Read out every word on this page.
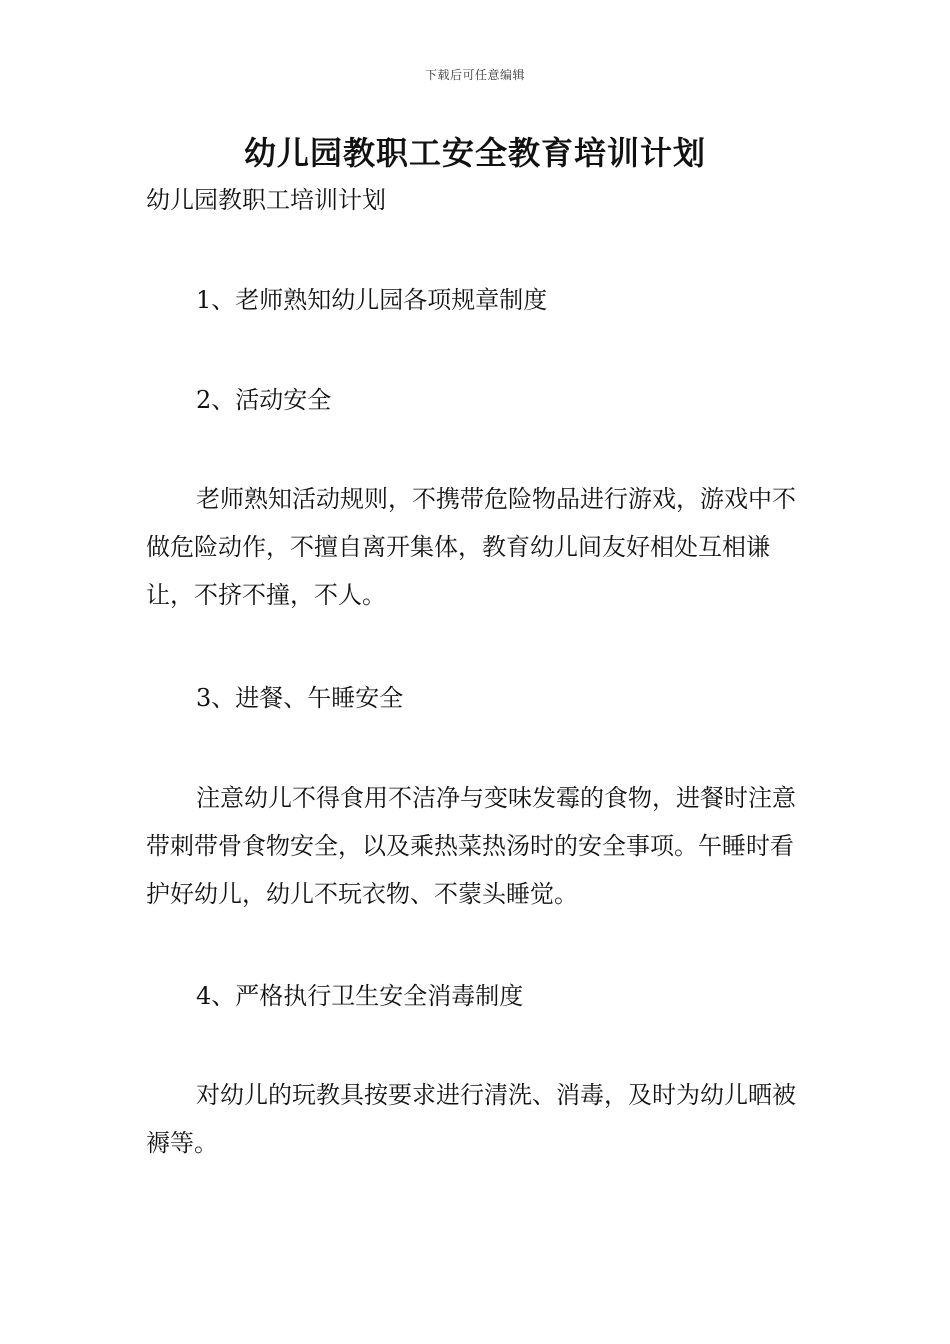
下载后可任意编辑
幼儿园教职工安全教育培训计划

幼儿园教职工培训计划

1、老师熟知幼儿园各项规章制度

2、活动安全

老师熟知活动规则，不携带危险物品进行游戏，游戏中不做危险动作，不擅自离开集体，教育幼儿间友好相处互相谦让，不挤不撞，不人。

3、进餐、午睡安全

注意幼儿不得食用不洁净与变味发霉的食物，进餐时注意带刺带骨食物安全，以及乘热菜热汤时的安全事项。午睡时看护好幼儿，幼儿不玩衣物、不蒙头睡觉。

4、严格执行卫生安全消毒制度

对幼儿的玩教具按要求进行清洗、消毒，及时为幼儿晒被褥等。
